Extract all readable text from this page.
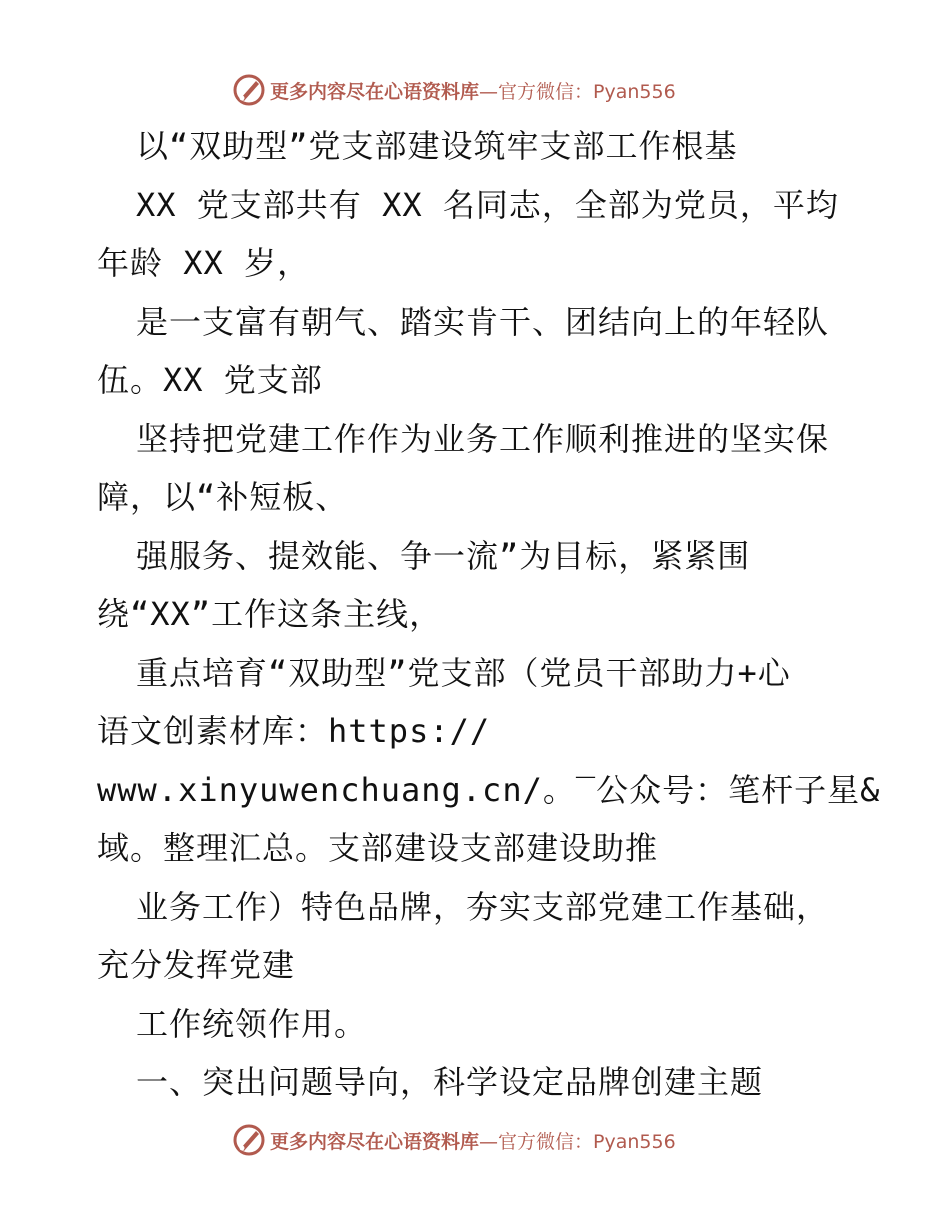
更多内容尽在心语资料库 —官方微信：Pyan556
以“双助型”党支部建设筑牢支部工作根基
XX 党支部共有 XX 名同志，全部为党员，平均
年龄 XX 岁，
是一支富有朝气、踏实肯干、团结向上的年轻队
伍。XX 党支部
坚持把党建工作作为业务工作顺利推进的坚实保
障，以“补短板、
强服务、提效能、争一流”为目标，紧紧围
绕“XX”工作这条主线，
重点培育“双助型”党支部（党员干部助力+心
语文创素材库：https://
www.xinyuwenchuang.cn/。‾公众号：笔杆子星&
域。整理汇总。支部建设支部建设助推
业务工作）特色品牌，夯实支部党建工作基础，
充分发挥党建
工作统领作用。
一、突出问题导向，科学设定品牌创建主题
更多内容尽在心语资料库 —官方微信：Pyan556
